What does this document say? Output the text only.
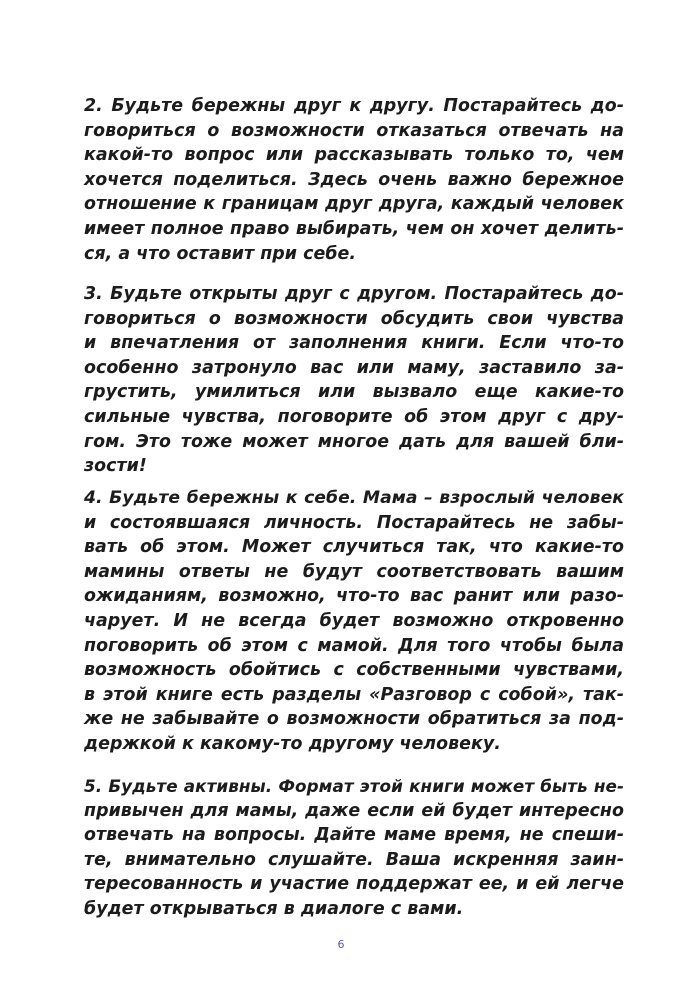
2. Будьте бережны друг к другу. Постарайтесь до-
говориться о возможности отказаться отвечать на
какой-то вопрос или рассказывать только то, чем
хочется поделиться. Здесь очень важно бережное
отношение к границам друг друга, каждый человек
имеет полное право выбирать, чем он хочет делить-
ся, а что оставит при себе.
3. Будьте открыты друг с другом. Постарайтесь до-
говориться о возможности обсудить свои чувства
и впечатления от заполнения книги. Если что-то
особенно затронуло вас или маму, заставило за-
грустить, умилиться или вызвало еще какие-то
сильные чувства, поговорите об этом друг с дру-
гом. Это тоже может многое дать для вашей бли-
зости!
4. Будьте бережны к себе. Мама – взрослый человек
и состоявшаяся личность. Постарайтесь не забы-
вать об этом. Может случиться так, что какие-то
мамины ответы не будут соответствовать вашим
ожиданиям, возможно, что-то вас ранит или разо-
чарует. И не всегда будет возможно откровенно
поговорить об этом с мамой. Для того чтобы была
возможность обойтись с собственными чувствами,
в этой книге есть разделы «Разговор с собой», так-
же не забывайте о возможности обратиться за под-
держкой к какому-то другому человеку.
5. Будьте активны. Формат этой книги может быть не-
привычен для мамы, даже если ей будет интересно
отвечать на вопросы. Дайте маме время, не спеши-
те, внимательно слушайте. Ваша искренняя заин-
тересованность и участие поддержат ее, и ей легче
будет открываться в диалоге с вами.
6
